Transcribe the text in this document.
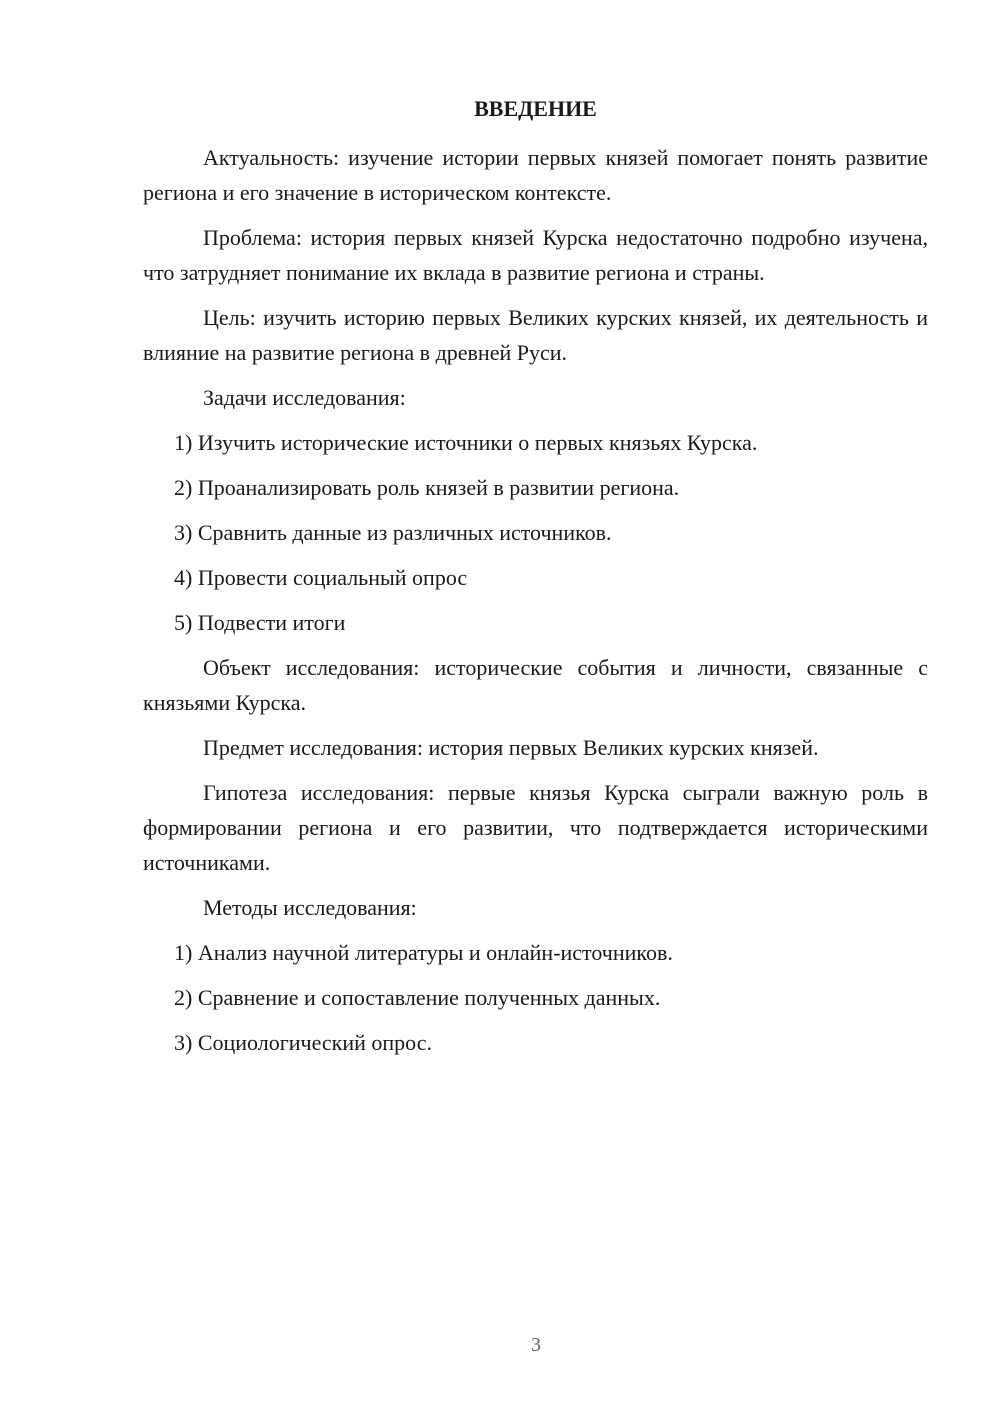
ВВЕДЕНИЕ

Актуальность: изучение истории первых князей помогает понять развитие региона и его значение в историческом контексте.

Проблема: история первых князей Курска недостаточно подробно изучена, что затрудняет понимание их вклада в развитие региона и страны.

Цель: изучить историю первых Великих курских князей, их деятельность и влияние на развитие региона в древней Руси.

Задачи исследования:

1) Изучить исторические источники о первых князьях Курска.

2) Проанализировать роль князей в развитии региона.

3) Сравнить данные из различных источников.

4) Провести социальный опрос

5) Подвести итоги

Объект исследования: исторические события и личности, связанные с князьями Курска.

Предмет исследования: история первых Великих курских князей.

Гипотеза исследования: первые князья Курска сыграли важную роль в формировании региона и его развитии, что подтверждается историческими источниками.

Методы исследования:

1) Анализ научной литературы и онлайн-источников.

2) Сравнение и сопоставление полученных данных.

3) Социологический опрос.

3
